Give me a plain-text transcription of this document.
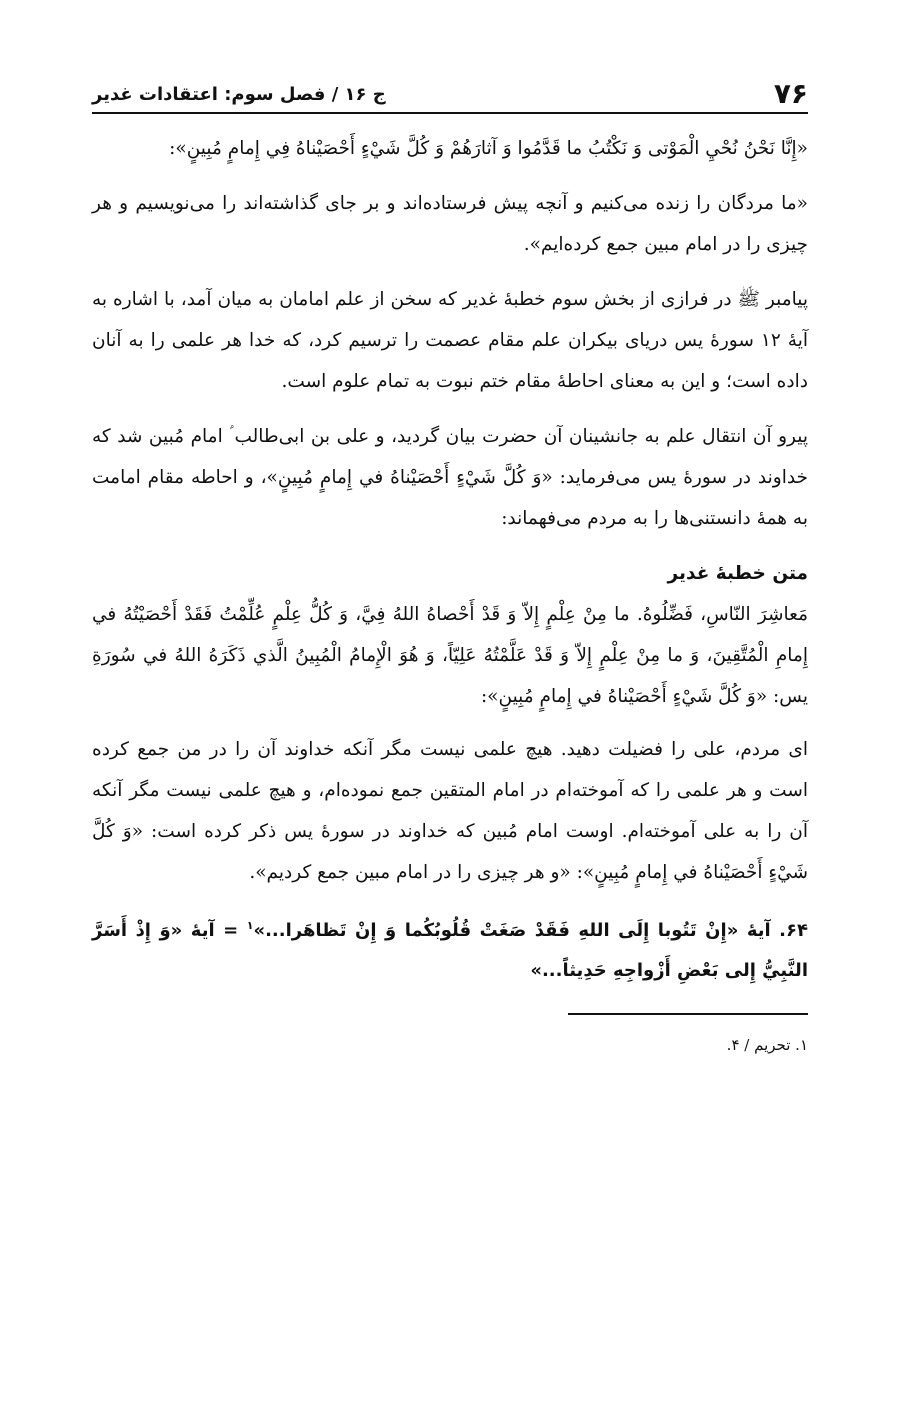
۷۶
ج ۱۶ / فصل سوم: اعتقادات غدیر

«إِنَّا نَحْنُ نُحْيِ الْمَوْتی وَ نَكْتُبُ ما قَدَّمُوا وَ آثارَهُمْ وَ كُلَّ شَيْءٍ أَحْصَيْناهُ فِي إِمامٍ مُبِينٍ»:

«ما مردگان را زنده می‌کنیم و آنچه پیش فرستاده‌اند و بر جای گذاشته‌اند را می‌نویسیم و هر چیزی را در امام مبین جمع کرده‌ایم».

پیامبر ﷺ در فرازی از بخش سوم خطبۀ غدیر که سخن از علم امامان به میان آمد، با اشاره به آیۀ ۱۲ سورۀ یس دریای بیکران علم مقام عصمت را ترسیم کرد، که خدا هر علمی را به آنان داده است؛ و این به معنای احاطۀ مقام ختم نبوت به تمام علوم است.

پیرو آن انتقال علم به جانشینان آن حضرت بیان گردید، و علی بن ابی‌طالب ؑ امام مُبین شد که خداوند در سورۀ یس می‌فرماید: «وَ كُلَّ شَيْءٍ أَحْصَيْناهُ في إِمامٍ مُبِينٍ»، و احاطه مقام امامت به همۀ دانستنی‌ها را به مردم می‌فهماند:

متن خطبۀ غدیر

مَعاشِرَ النّاسِ، فَضِّلُوهُ. ما مِنْ عِلْمٍ إِلاّ وَ قَدْ أَحْصاهُ اللهُ فِيَّ، وَ كُلُّ عِلْمٍ عُلِّمْتُ فَقَدْ أَحْصَيْتُهُ في إِمامِ الْمُتَّقِينَ، وَ ما مِنْ عِلْمٍ إِلاّ وَ قَدْ عَلَّمْتُهُ عَلِيّاً، وَ هُوَ الْإِمامُ الْمُبِينُ الَّذي ذَكَرَهُ اللهُ في سُورَةِ يس: «وَ كُلَّ شَيْءٍ أَحْصَيْناهُ في إِمامٍ مُبِينٍ»:

ای مردم، علی را فضیلت دهید. هیچ علمی نیست مگر آنکه خداوند آن را در من جمع کرده است و هر علمی را که آموخته‌ام در امام المتقین جمع نموده‌ام، و هیچ علمی نیست مگر آنکه آن را به علی آموخته‌ام. اوست امام مُبین که خداوند در سورۀ یس ذکر کرده است: «وَ كُلَّ شَيْءٍ أَحْصَيْناهُ في إِمامٍ مُبِينٍ»: «و هر چیزی را در امام مبین جمع کردیم».

۶۴. آیۀ «إِنْ تَتُوبا إِلَى اللهِ فَقَدْ صَغَتْ قُلُوبُكُما وَ إِنْ تَظاهَرا...»$^۱$ = آیۀ «وَ إِذْ أَسَرَّ النَّبِيُّ إِلى بَعْضِ أَزْواجِهِ حَدِيثاً...»
۱. تحریم / ۴.
